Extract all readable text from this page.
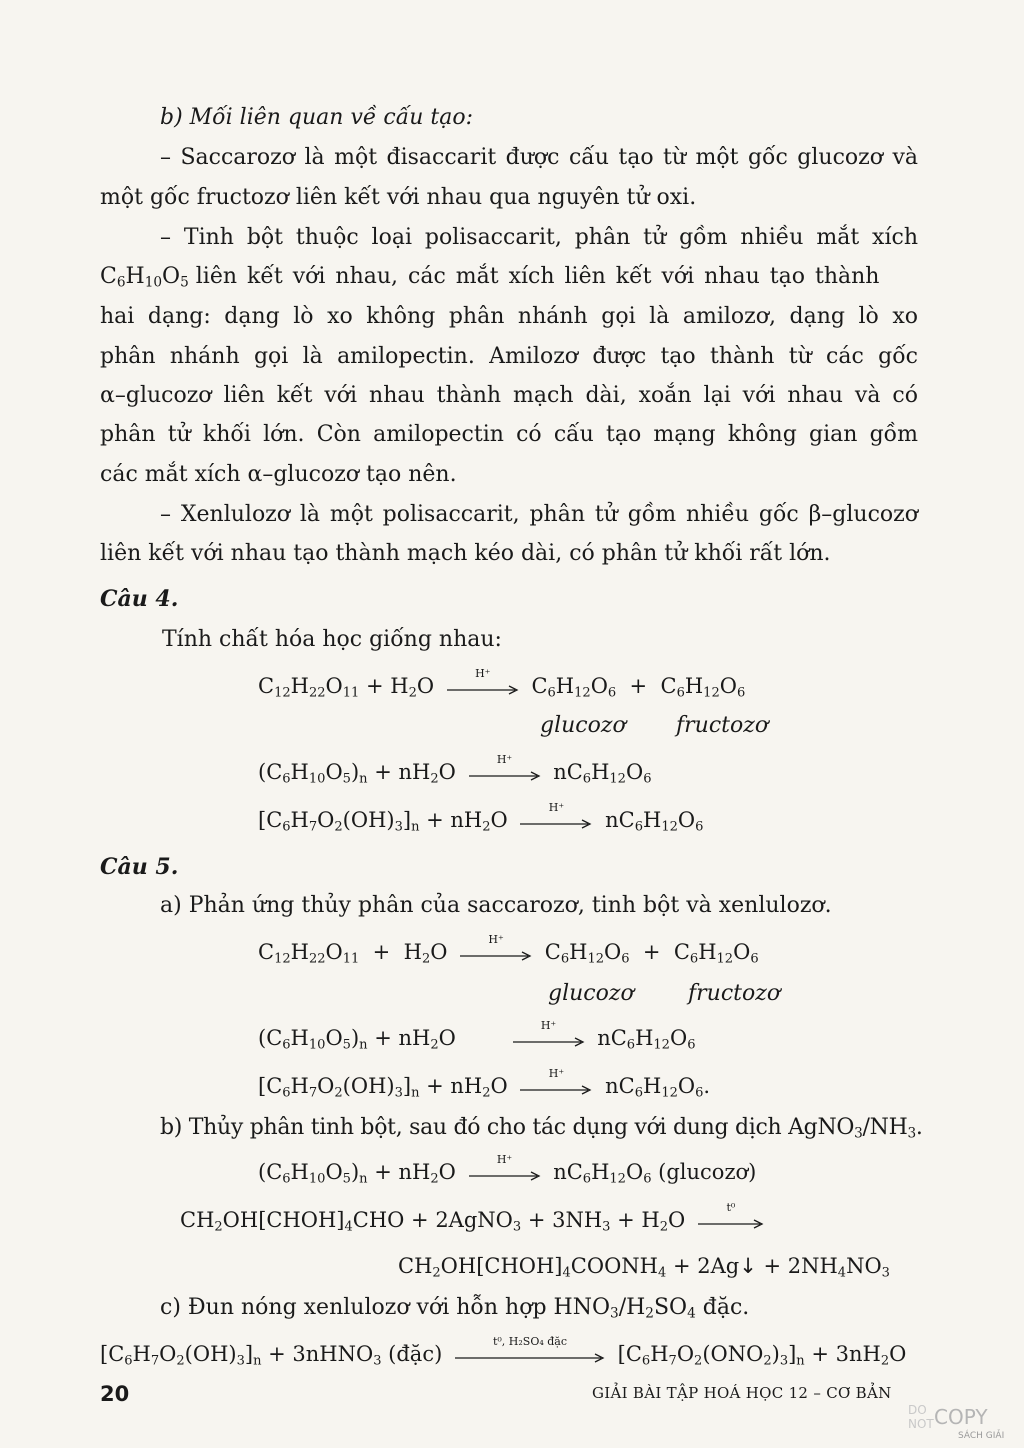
b) Mối liên quan về cấu tạo:
– Saccarozơ là một đisaccarit được cấu tạo từ một gốc glucozơ và
một gốc fructozơ liên kết với nhau qua nguyên tử oxi.
– Tinh bột thuộc loại polisaccarit, phân tử gồm nhiều mắt xích
$C_6H_{10}O_5$ liên kết với nhau, các mắt xích liên kết với nhau tạo thành
hai dạng: dạng lò xo không phân nhánh gọi là amilozơ, dạng lò xo
phân nhánh gọi là amilopectin. Amilozơ được tạo thành từ các gốc
α–glucozơ liên kết với nhau thành mạch dài, xoắn lại với nhau và có
phân tử khối lớn. Còn amilopectin có cấu tạo mạng không gian gồm
các mắt xích α–glucozơ tạo nên.
– Xenlulozơ là một polisaccarit, phân tử gồm nhiều gốc β–glucozơ
liên kết với nhau tạo thành mạch kéo dài, có phân tử khối rất lớn.
Câu 4.
Tính chất hóa học giống nhau:
$C_{12}H_{22}O_{11} + H_2O$
H⁺
$C_6H_{12}O_6 + C_6H_{12}O_6$
glucozơ fructozơ
$(C_6H_{10}O_5)_n + nH_2O$
H⁺
$nC_6H_{12}O_6$
$[C_6H_7O_2(OH)_3]_n + nH_2O$
H⁺
$nC_6H_{12}O_6$
Câu 5.
a) Phản ứng thủy phân của saccarozơ, tinh bột và xenlulozơ.
$C_{12}H_{22}O_{11} + H_2O$
H⁺
$C_6H_{12}O_6 + C_6H_{12}O_6$
glucozơ fructozơ
$(C_6H_{10}O_5)_n + nH_2O$
H⁺
$nC_6H_{12}O_6$
$[C_6H_7O_2(OH)_3]_n + nH_2O$
H⁺
$nC_6H_{12}O_6$.
b) Thủy phân tinh bột, sau đó cho tác dụng với dung dịch $AgNO_3/NH_3$.
$(C_6H_{10}O_5)_n + nH_2O$
H⁺
$nC_6H_{12}O_6$ (glucozơ)
$CH_2OH[CHOH]_4CHO$ + 2AgNO$_3$ + $3NH_3 + H_2O$
t⁰
$CH_2OH[CHOH]_4COONH_4$ + 2Ag↓ + $2NH_4NO_3$
c) Đun nóng xenlulozơ với hỗn hợp $HNO_3/H_2SO_4$ đặc.
$[C_6H_7O_2(OH)_3]_n$ + 3nHNO$_3$ (đặc)
t⁰, H₂SO₄ đặc
$[C_6H_7O_2(ONO_2)_3]_n + 3nH_2O$
20	GIẢI BÀI TẬP HOÁ HỌC 12 – CƠ BẢN
DO
NOT COPY
SÁCH GIẢI
